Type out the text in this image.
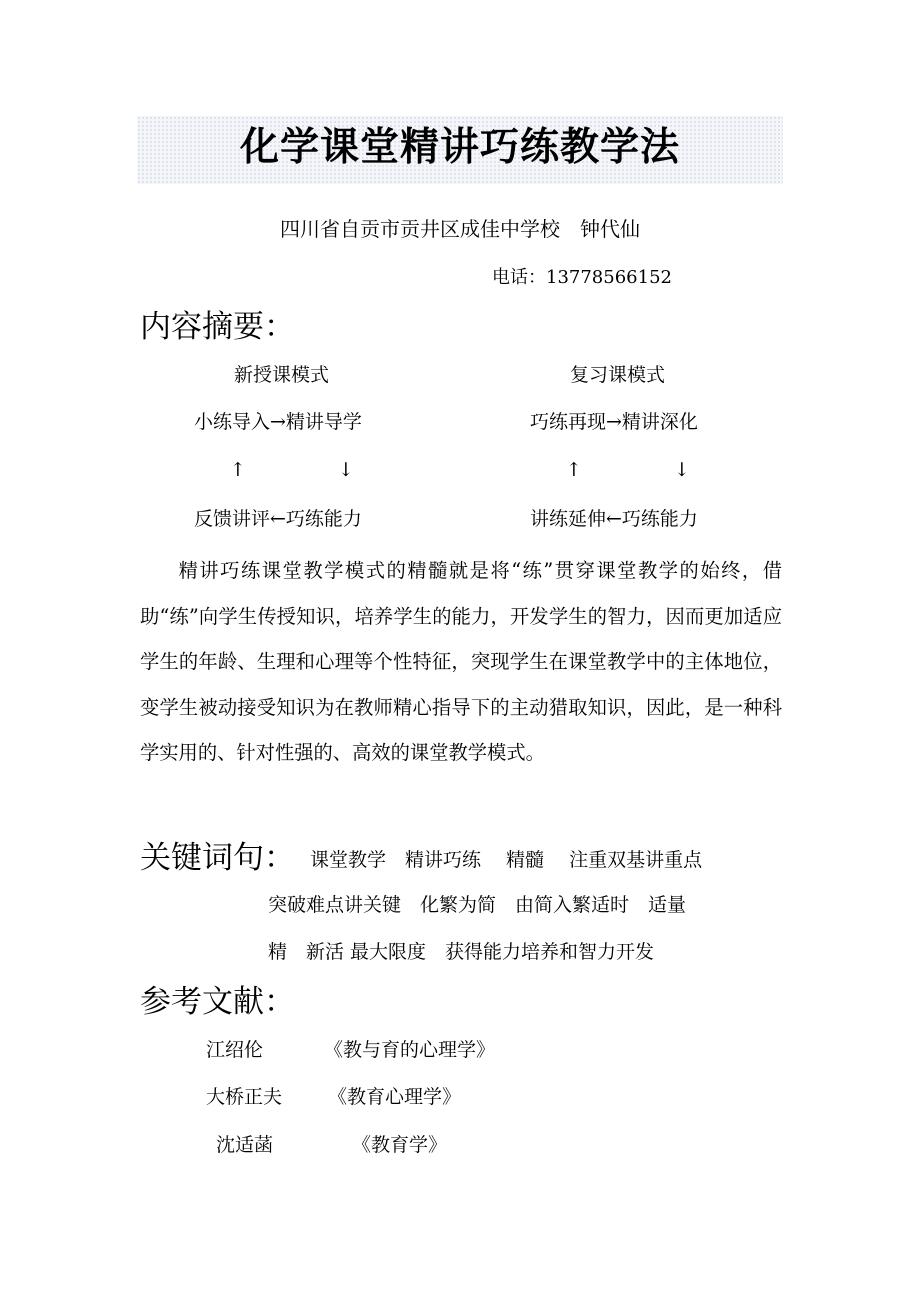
化学课堂精讲巧练教学法
四川省自贡市贡井区成佳中学校　钟代仙
电话：13778566152
内容摘要：
新授课模式	复习课模式
小练导入→精讲导学	巧练再现→精讲深化
↑	↓	↑	↓
反馈讲评←巧练能力	讲练延伸←巧练能力
精讲巧练课堂教学模式的精髓就是将“练”贯穿课堂教学的始终，借助“练”向学生传授知识，培养学生的能力，开发学生的智力，因而更加适应学生的年龄、生理和心理等个性特征，突现学生在课堂教学中的主体地位，变学生被动接受知识为在教师精心指导下的主动猎取知识，因此，是一种科学实用的、针对性强的、高效的课堂教学模式。
关键词句： 课堂教学　精讲巧练　 精髓　 注重双基讲重点
突破难点讲关键　化繁为简　由简入繁适时　适量
精　新活 最大限度　获得能力培养和智力开发
参考文献：
江绍伦	《教与育的心理学》
大桥正夫 《教育心理学》
沈适菡	《教育学》
